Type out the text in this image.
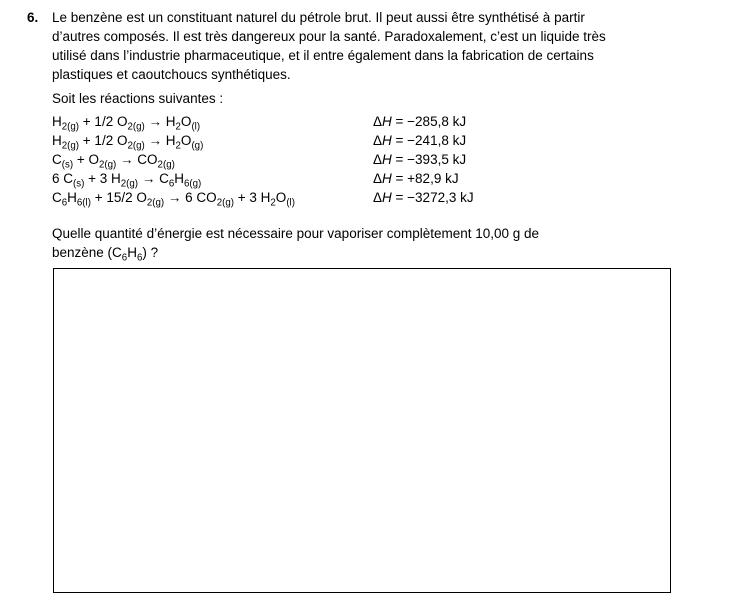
6.	Le benzène est un constituant naturel du pétrole brut. Il peut aussi être synthétisé à partir
d’autres composés. Il est très dangereux pour la santé. Paradoxalement, c’est un liquide très
utilisé dans l’industrie pharmaceutique, et il entre également dans la fabrication de certains
plastiques et caoutchoucs synthétiques.

Soit les réactions suivantes :

$H_{2(g)} + 1/2$ $O_{2(g)} \to H_2O_{(l)}$	ΔH = −285,8 kJ
$H_{2(g)} + 1/2$ $O_{2(g)} \to H_2O_{(g)}$	ΔH = −241,8 kJ
$C_{(s)} + O_{2(g)} \to CO_{2(g)}$	ΔH = −393,5 kJ
6 $C_{(s)} + 3$ $H_{2(g)} \to C_6H_{6(g)}$	ΔH = +82,9 kJ
$C_6H_{6(l)} + 15/2$ $O_{2(g)} \to 6$ $CO_{2(g)} + 3$ $H_2O_{(l)}$	ΔH = −3272,3 kJ

Quelle quantité d’énergie est nécessaire pour vaporiser complètement 10,00 g de
benzène $(C_6H_6)$ ?
